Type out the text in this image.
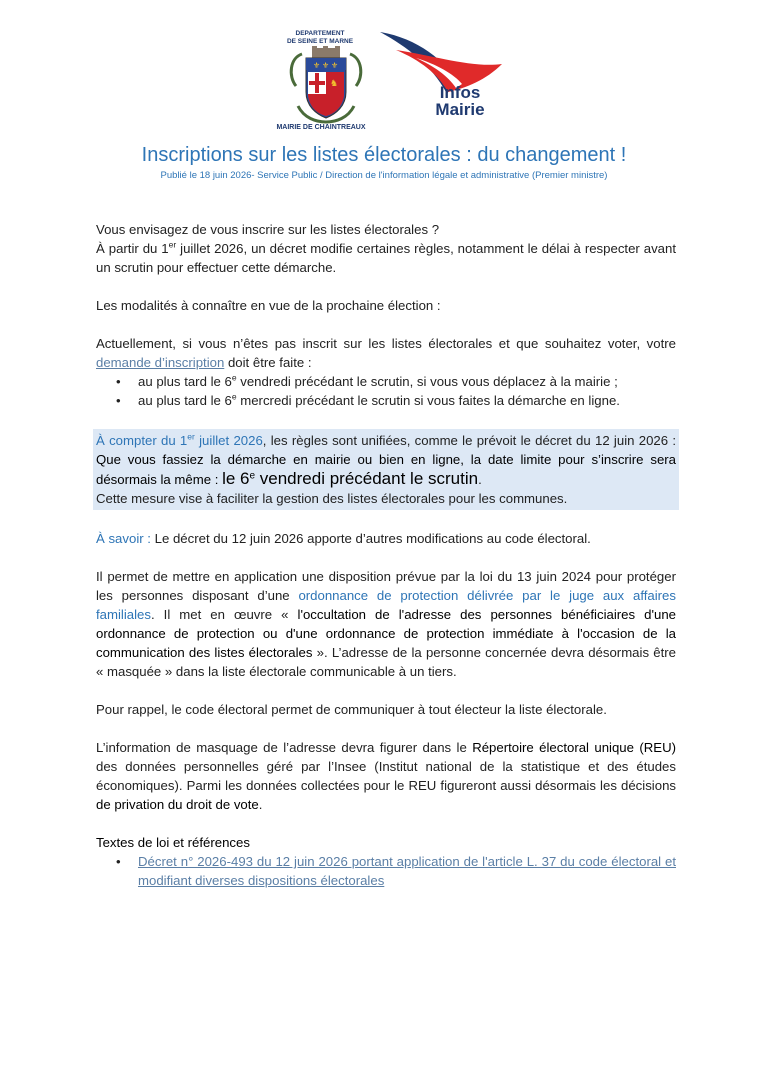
DEPARTEMENT
DE SEINE ET MARNE
⚜ ⚜ ⚜
♞
MAIRIE DE CHAINTREAUX
Infos
Mairie
Inscriptions sur les listes électorales : du changement !
Publié le 18 juin 2026- Service Public / Direction de l'information légale et administrative (Premier ministre)

Vous envisagez de vous inscrire sur les listes électorales ?

À partir du 1er juillet 2026, un décret modifie certaines règles, notamment le délai à respecter avant un scrutin pour effectuer cette démarche.

Les modalités à connaître en vue de la prochaine élection :

Actuellement, si vous n’êtes pas inscrit sur les listes électorales et que souhaitez voter, votre demande d’inscription doit être faite :

• au plus tard le 6e vendredi précédant le scrutin, si vous vous déplacez à la mairie ;
• au plus tard le 6e mercredi précédant le scrutin si vous faites la démarche en ligne.
À compter du 1er juillet 2026, les règles sont unifiées, comme le prévoit le décret du 12 juin 2026 : Que vous fassiez la démarche en mairie ou bien en ligne, la date limite pour s’inscrire sera désormais la même : le 6e vendredi précédant le scrutin.
Cette mesure vise à faciliter la gestion des listes électorales pour les communes.

À savoir : Le décret du 12 juin 2026 apporte d’autres modifications au code électoral.

Il permet de mettre en application une disposition prévue par la loi du 13 juin 2024 pour protéger les personnes disposant d’une ordonnance de protection délivrée par le juge aux affaires familiales. Il met en œuvre « l'occultation de l'adresse des personnes bénéficiaires d'une ordonnance de protection ou d'une ordonnance de protection immédiate à l'occasion de la communication des listes électorales ». L’adresse de la personne concernée devra désormais être « masquée » dans la liste électorale communicable à un tiers.

Pour rappel, le code électoral permet de communiquer à tout électeur la liste électorale.

L’information de masquage de l’adresse devra figurer dans le Répertoire électoral unique (REU) des données personnelles géré par l’Insee (Institut national de la statistique et des études économiques). Parmi les données collectées pour le REU figureront aussi désormais les décisions de privation du droit de vote.

Textes de loi et références

• Décret n° 2026-493 du 12 juin 2026 portant application de l'article L. 37 du code électoral et modifiant diverses dispositions électorales
